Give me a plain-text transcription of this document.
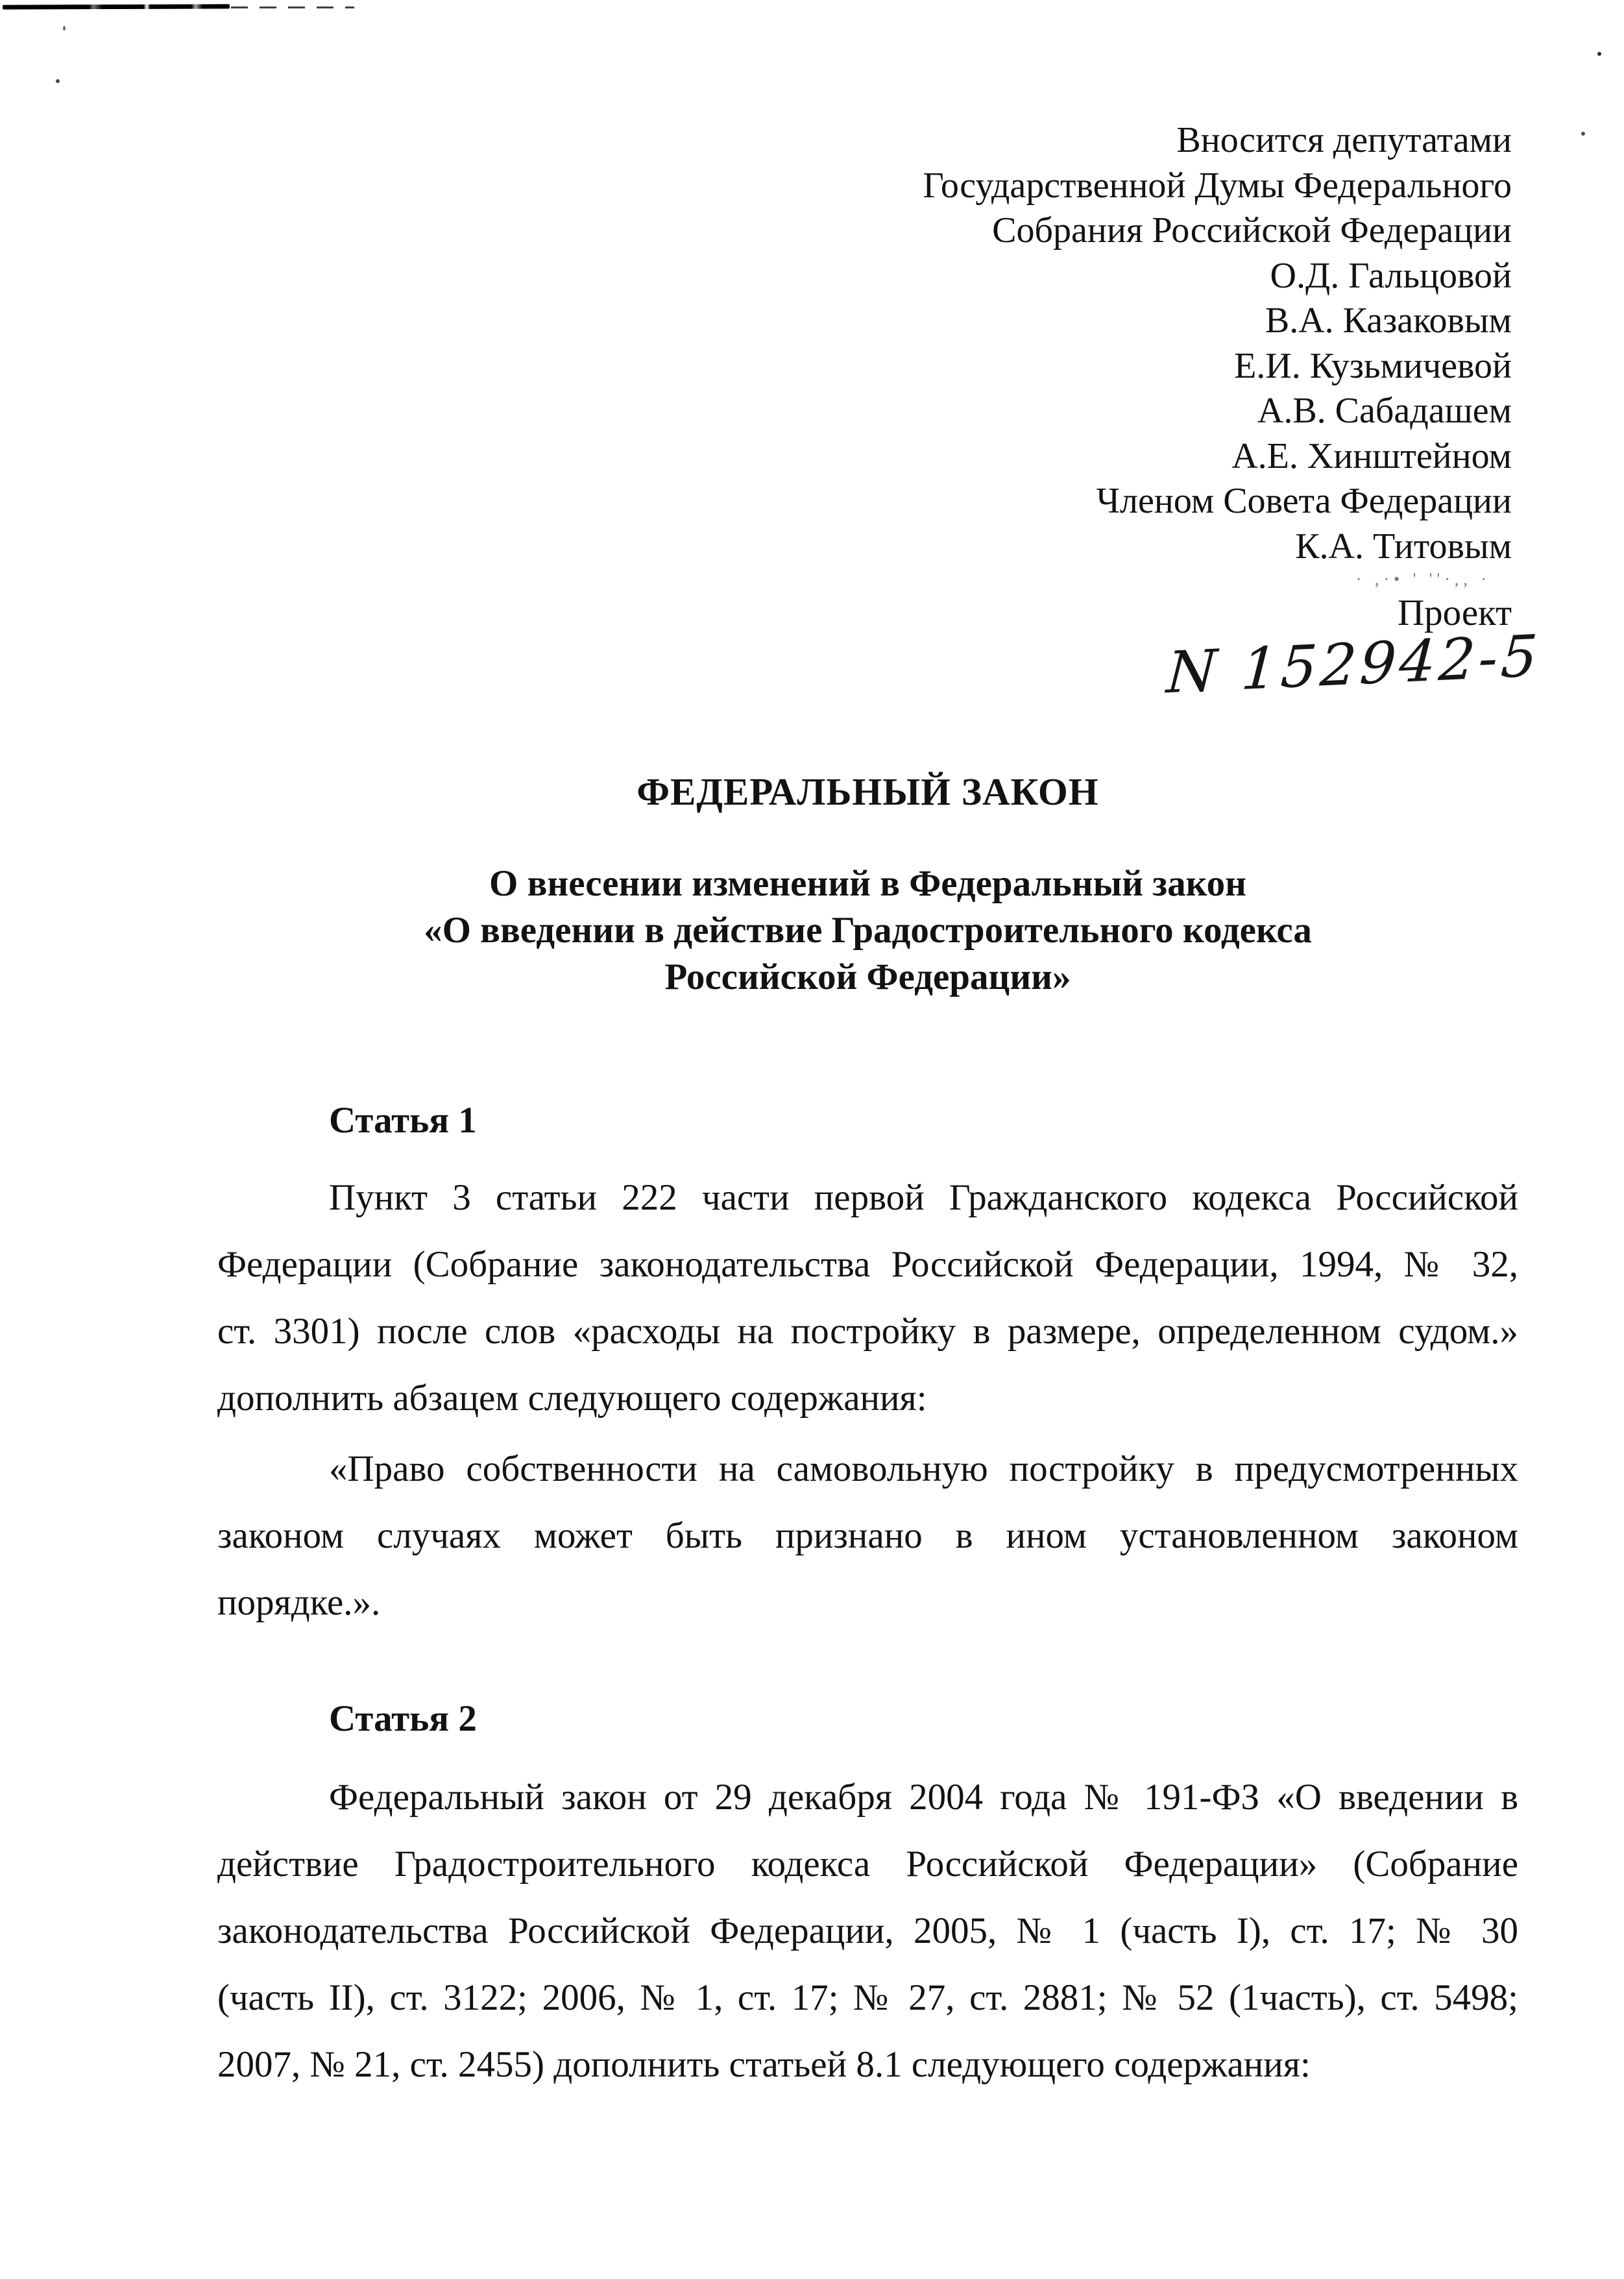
· ,·• ' ''·,, ·
Вносится депутатами
Государственной Думы Федерального
Собрания Российской Федерации
О.Д. Гальцовой
В.А. Казаковым
Е.И. Кузьмичевой
А.В. Сабадашем
А.Е. Хинштейном
Членом Совета Федерации
К.А. Титовым
Проект
N 152942-5
ФЕДЕРАЛЬНЫЙ ЗАКОН
О внесении изменений в Федеральный закон
«О введении в действие Градостроительного кодекса
Российской Федерации»
Статья 1
Пункт 3 статьи 222 части первой Гражданского кодекса Российской
Федерации (Собрание законодательства Российской Федерации, 1994, № 32,
ст. 3301) после слов «расходы на постройку в размере, определенном судом.»
дополнить абзацем следующего содержания:
«Право собственности на самовольную постройку в предусмотренных
законом случаях может быть признано в ином установленном законом
порядке.».
Статья 2
Федеральный закон от 29 декабря 2004 года № 191-ФЗ «О введении в
действие Градостроительного кодекса Российской Федерации» (Собрание
законодательства Российской Федерации, 2005, № 1 (часть I), ст. 17; № 30
(часть II), ст. 3122; 2006, № 1, ст. 17; № 27, ст. 2881; № 52 (1часть), ст. 5498;
2007, № 21, ст. 2455) дополнить статьей 8.1 следующего содержания:
